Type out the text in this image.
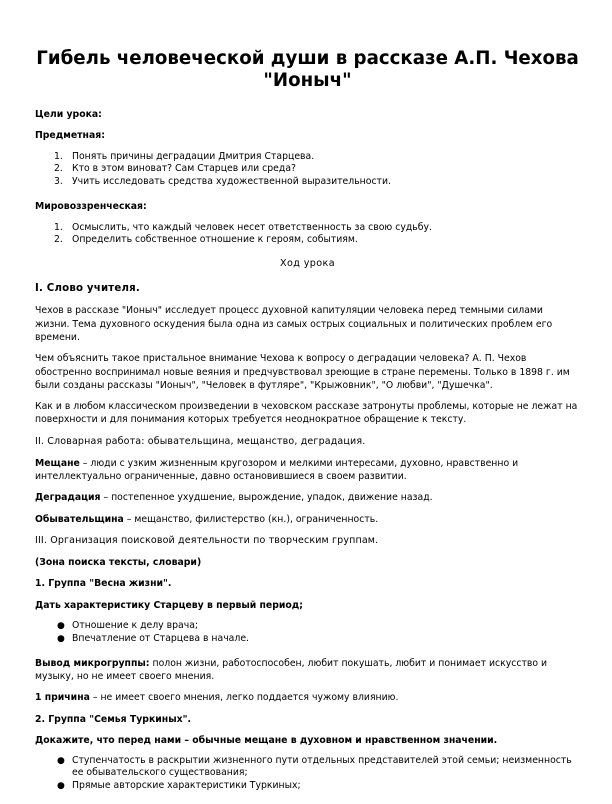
Гибель человеческой души в рассказе А.П. Чехова
"Ионыч"
Цели урока:
Предметная:
1. Понять причины деградации Дмитрия Старцева.
2. Кто в этом виноват? Сам Старцев или среда?
3. Учить исследовать средства художественной выразительности.
Мировоззренческая:
1. Осмыслить, что каждый человек несет ответственность за свою судьбу.
2. Определить собственное отношение к героям, событиям.
Ход урока
I. Слово учителя.
Чехов в рассказе "Ионыч" исследует процесс духовной капитуляции человека перед темными силами жизни. Тема духовного оскудения была одна из самых острых социальных и политических проблем его времени.
Чем объяснить такое пристальное внимание Чехова к вопросу о деградации человека? А. П. Чехов обостренно воспринимал новые веяния и предчувствовал зреющие в стране перемены. Только в 1898 г. им были созданы рассказы "Ионыч", "Человек в футляре", "Крыжовник", "О любви", "Душечка".
Как и в любом классическом произведении в чеховском рассказе затронуты проблемы, которые не лежат на поверхности и для понимания которых требуется неоднократное обращение к тексту.
II. Словарная работа: обывательщина, мещанство, деградация.
Мещане – люди с узким жизненным кругозором и мелкими интересами, духовно, нравственно и интеллектуально ограниченные, давно остановившиеся в своем развитии.
Деградация – постепенное ухудшение, вырождение, упадок, движение назад.
Обывательщина – мещанство, филистерство (кн.), ограниченность.
III. Организация поисковой деятельности по творческим группам.
(Зона поиска тексты, словари)
1. Группа "Весна жизни".
Дать характеристику Старцеву в первый период;
● Отношение к делу врача;
● Впечатление от Старцева в начале.
Вывод микрогруппы: полон жизни, работоспособен, любит покушать, любит и понимает искусство и музыку, но не имеет своего мнения.
1 причина – не имеет своего мнения, легко поддается чужому влиянию.
2. Группа "Семья Туркиных".
Докажите, что перед нами – обычные мещане в духовном и нравственном значении.
● Ступенчатость в раскрытии жизненного пути отдельных представителей этой семьи; неизменность ее обывательского существования;
● Прямые авторские характеристики Туркиных;
